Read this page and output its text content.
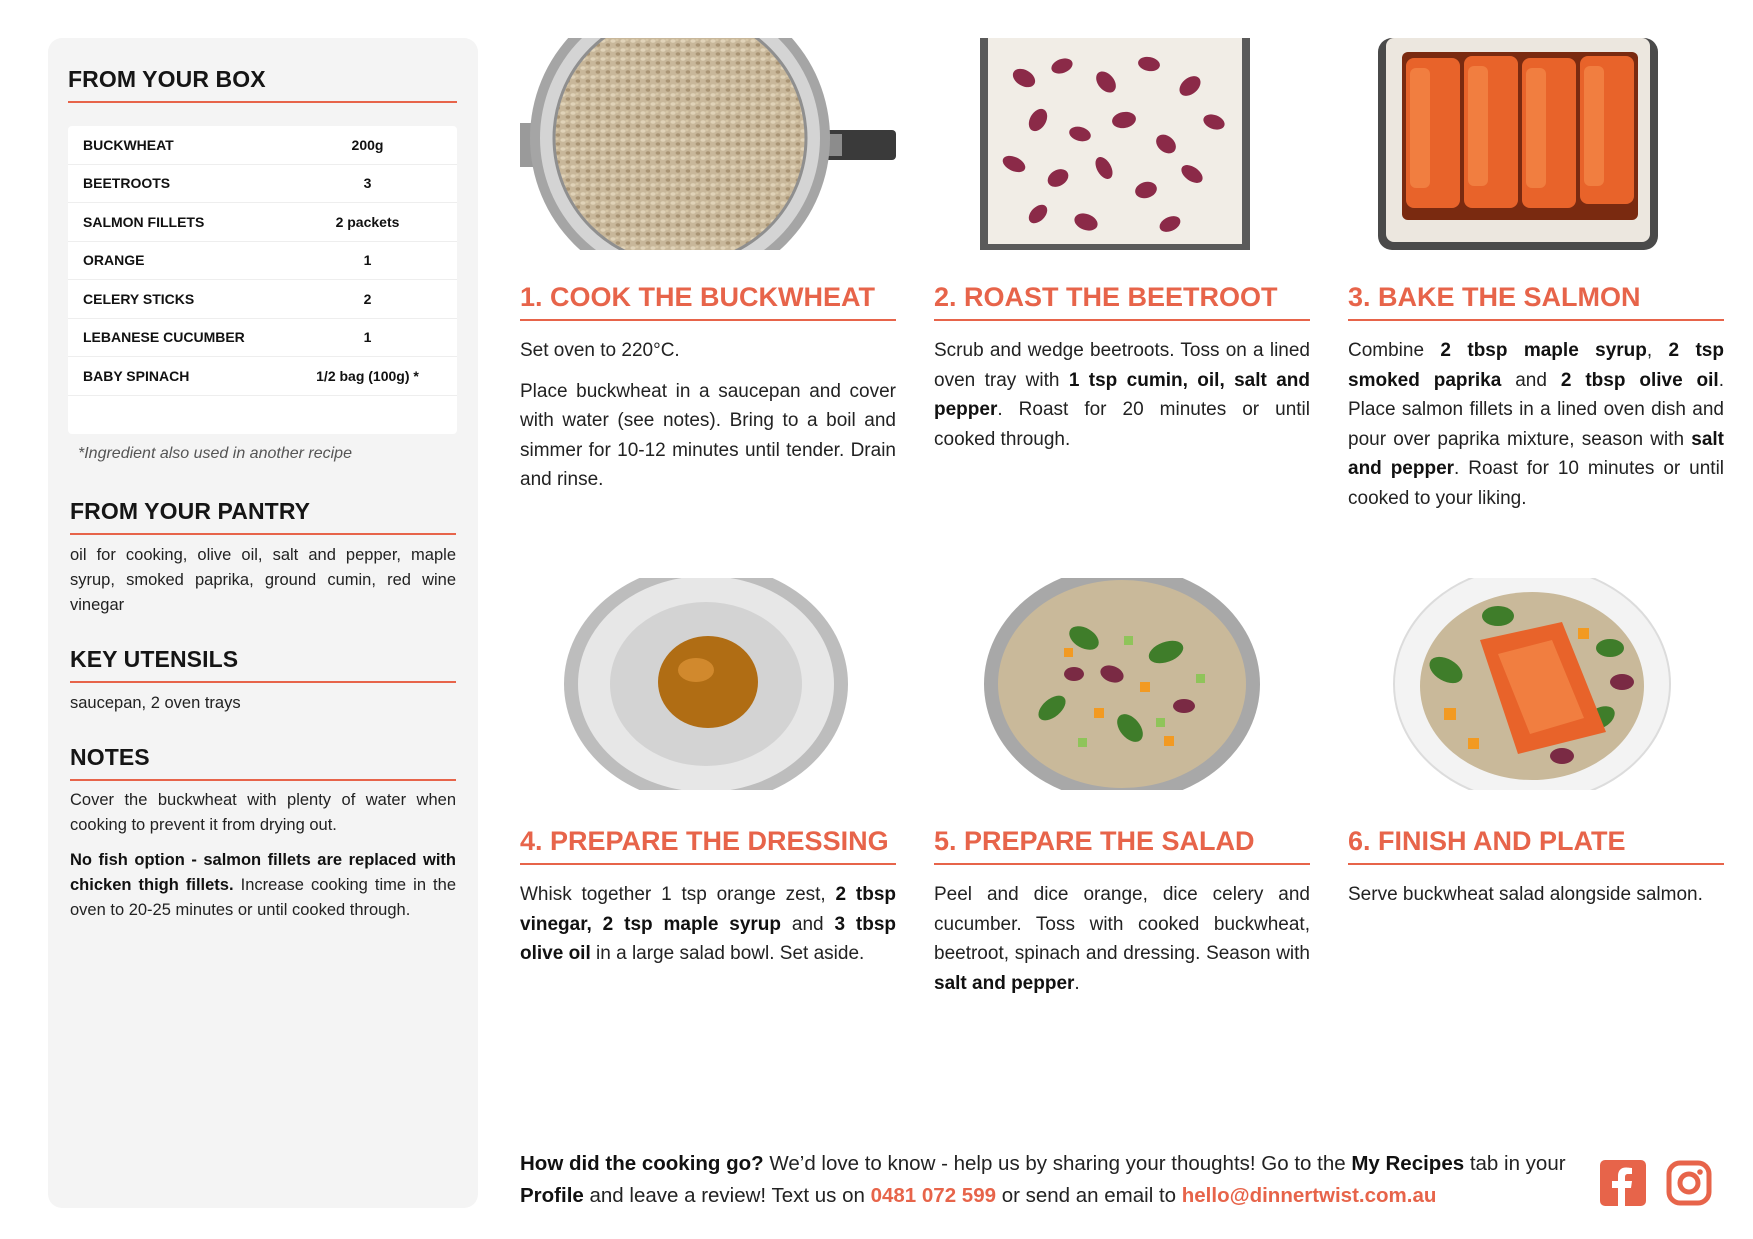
FROM YOUR BOX
BUCKWHEAT	200g
BEETROOTS	3
SALMON FILLETS	2 packets
ORANGE	1
CELERY STICKS	2
LEBANESE CUCUMBER	1
BABY SPINACH	1/2 bag (100g) *
*Ingredient also used in another recipe
FROM YOUR PANTRY
oil for cooking, olive oil, salt and pepper, maple syrup, smoked paprika, ground cumin, red wine vinegar
KEY UTENSILS
saucepan, 2 oven trays
NOTES
Cover the buckwheat with plenty of water when cooking to prevent it from drying out.
No fish option - salmon fillets are replaced with chicken thigh fillets. Increase cooking time in the oven to 20-25 minutes or until cooked through.
1. COOK THE BUCKWHEAT

Set oven to 220°C.

Place buckwheat in a saucepan and cover with water (see notes). Bring to a boil and simmer for 10-12 minutes until tender. Drain and rinse.

2. ROAST THE BEETROOT

Scrub and wedge beetroots. Toss on a lined oven tray with 1 tsp cumin, oil, salt and pepper. Roast for 20 minutes or until cooked through.

3. BAKE THE SALMON

Combine 2 tbsp maple syrup, 2 tsp smoked paprika and 2 tbsp olive oil. Place salmon fillets in a lined oven dish and pour over paprika mixture, season with salt and pepper. Roast for 10 minutes or until cooked to your liking.

4. PREPARE THE DRESSING

Whisk together 1 tsp orange zest, 2 tbsp vinegar, 2 tsp maple syrup and 3 tbsp olive oil in a large salad bowl. Set aside.

5. PREPARE THE SALAD

Peel and dice orange, dice celery and cucumber. Toss with cooked buckwheat, beetroot, spinach and dressing. Season with salt and pepper.

6. FINISH AND PLATE

Serve buckwheat salad alongside salmon.

How did the cooking go? We’d love to know - help us by sharing your thoughts! Go to the My Recipes tab in your Profile and leave a review! Text us on 0481 072 599 or send an email to hello@dinnertwist.com.au
